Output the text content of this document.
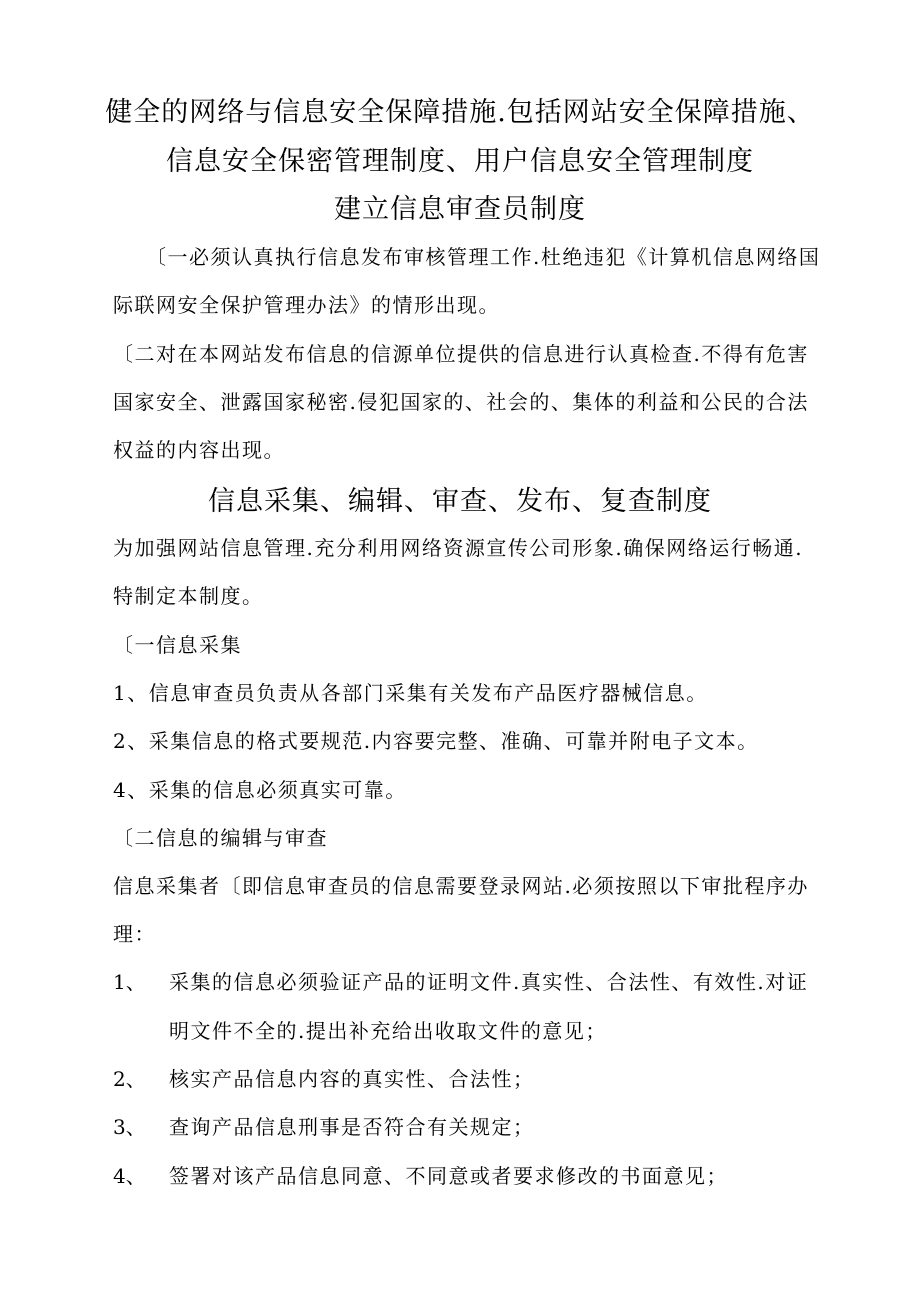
健全的网络与信息安全保障措施.包括网站安全保障措施、
信息安全保密管理制度、用户信息安全管理制度
建立信息审查员制度
〔一必须认真执行信息发布审核管理工作.杜绝违犯《计算机信息网络国
际联网安全保护管理办法》的情形出现。
〔二对在本网站发布信息的信源单位提供的信息进行认真检查.不得有危害
国家安全、泄露国家秘密.侵犯国家的、社会的、集体的利益和公民的合法
权益的内容出现。
信息采集、编辑、审查、发布、复查制度
为加强网站信息管理.充分利用网络资源宣传公司形象.确保网络运行畅通.
特制定本制度。
〔一信息采集
1、信息审查员负责从各部门采集有关发布产品医疗器械信息。
2、采集信息的格式要规范.内容要完整、准确、可靠并附电子文本。
4、采集的信息必须真实可靠。
〔二信息的编辑与审查
信息采集者〔即信息审查员的信息需要登录网站.必须按照以下审批程序办
理：
1、 采集的信息必须验证产品的证明文件.真实性、合法性、有效性.对证
明文件不全的.提出补充给出收取文件的意见；
2、 核实产品信息内容的真实性、合法性；
3、 查询产品信息刑事是否符合有关规定；
4、 签署对该产品信息同意、不同意或者要求修改的书面意见；
